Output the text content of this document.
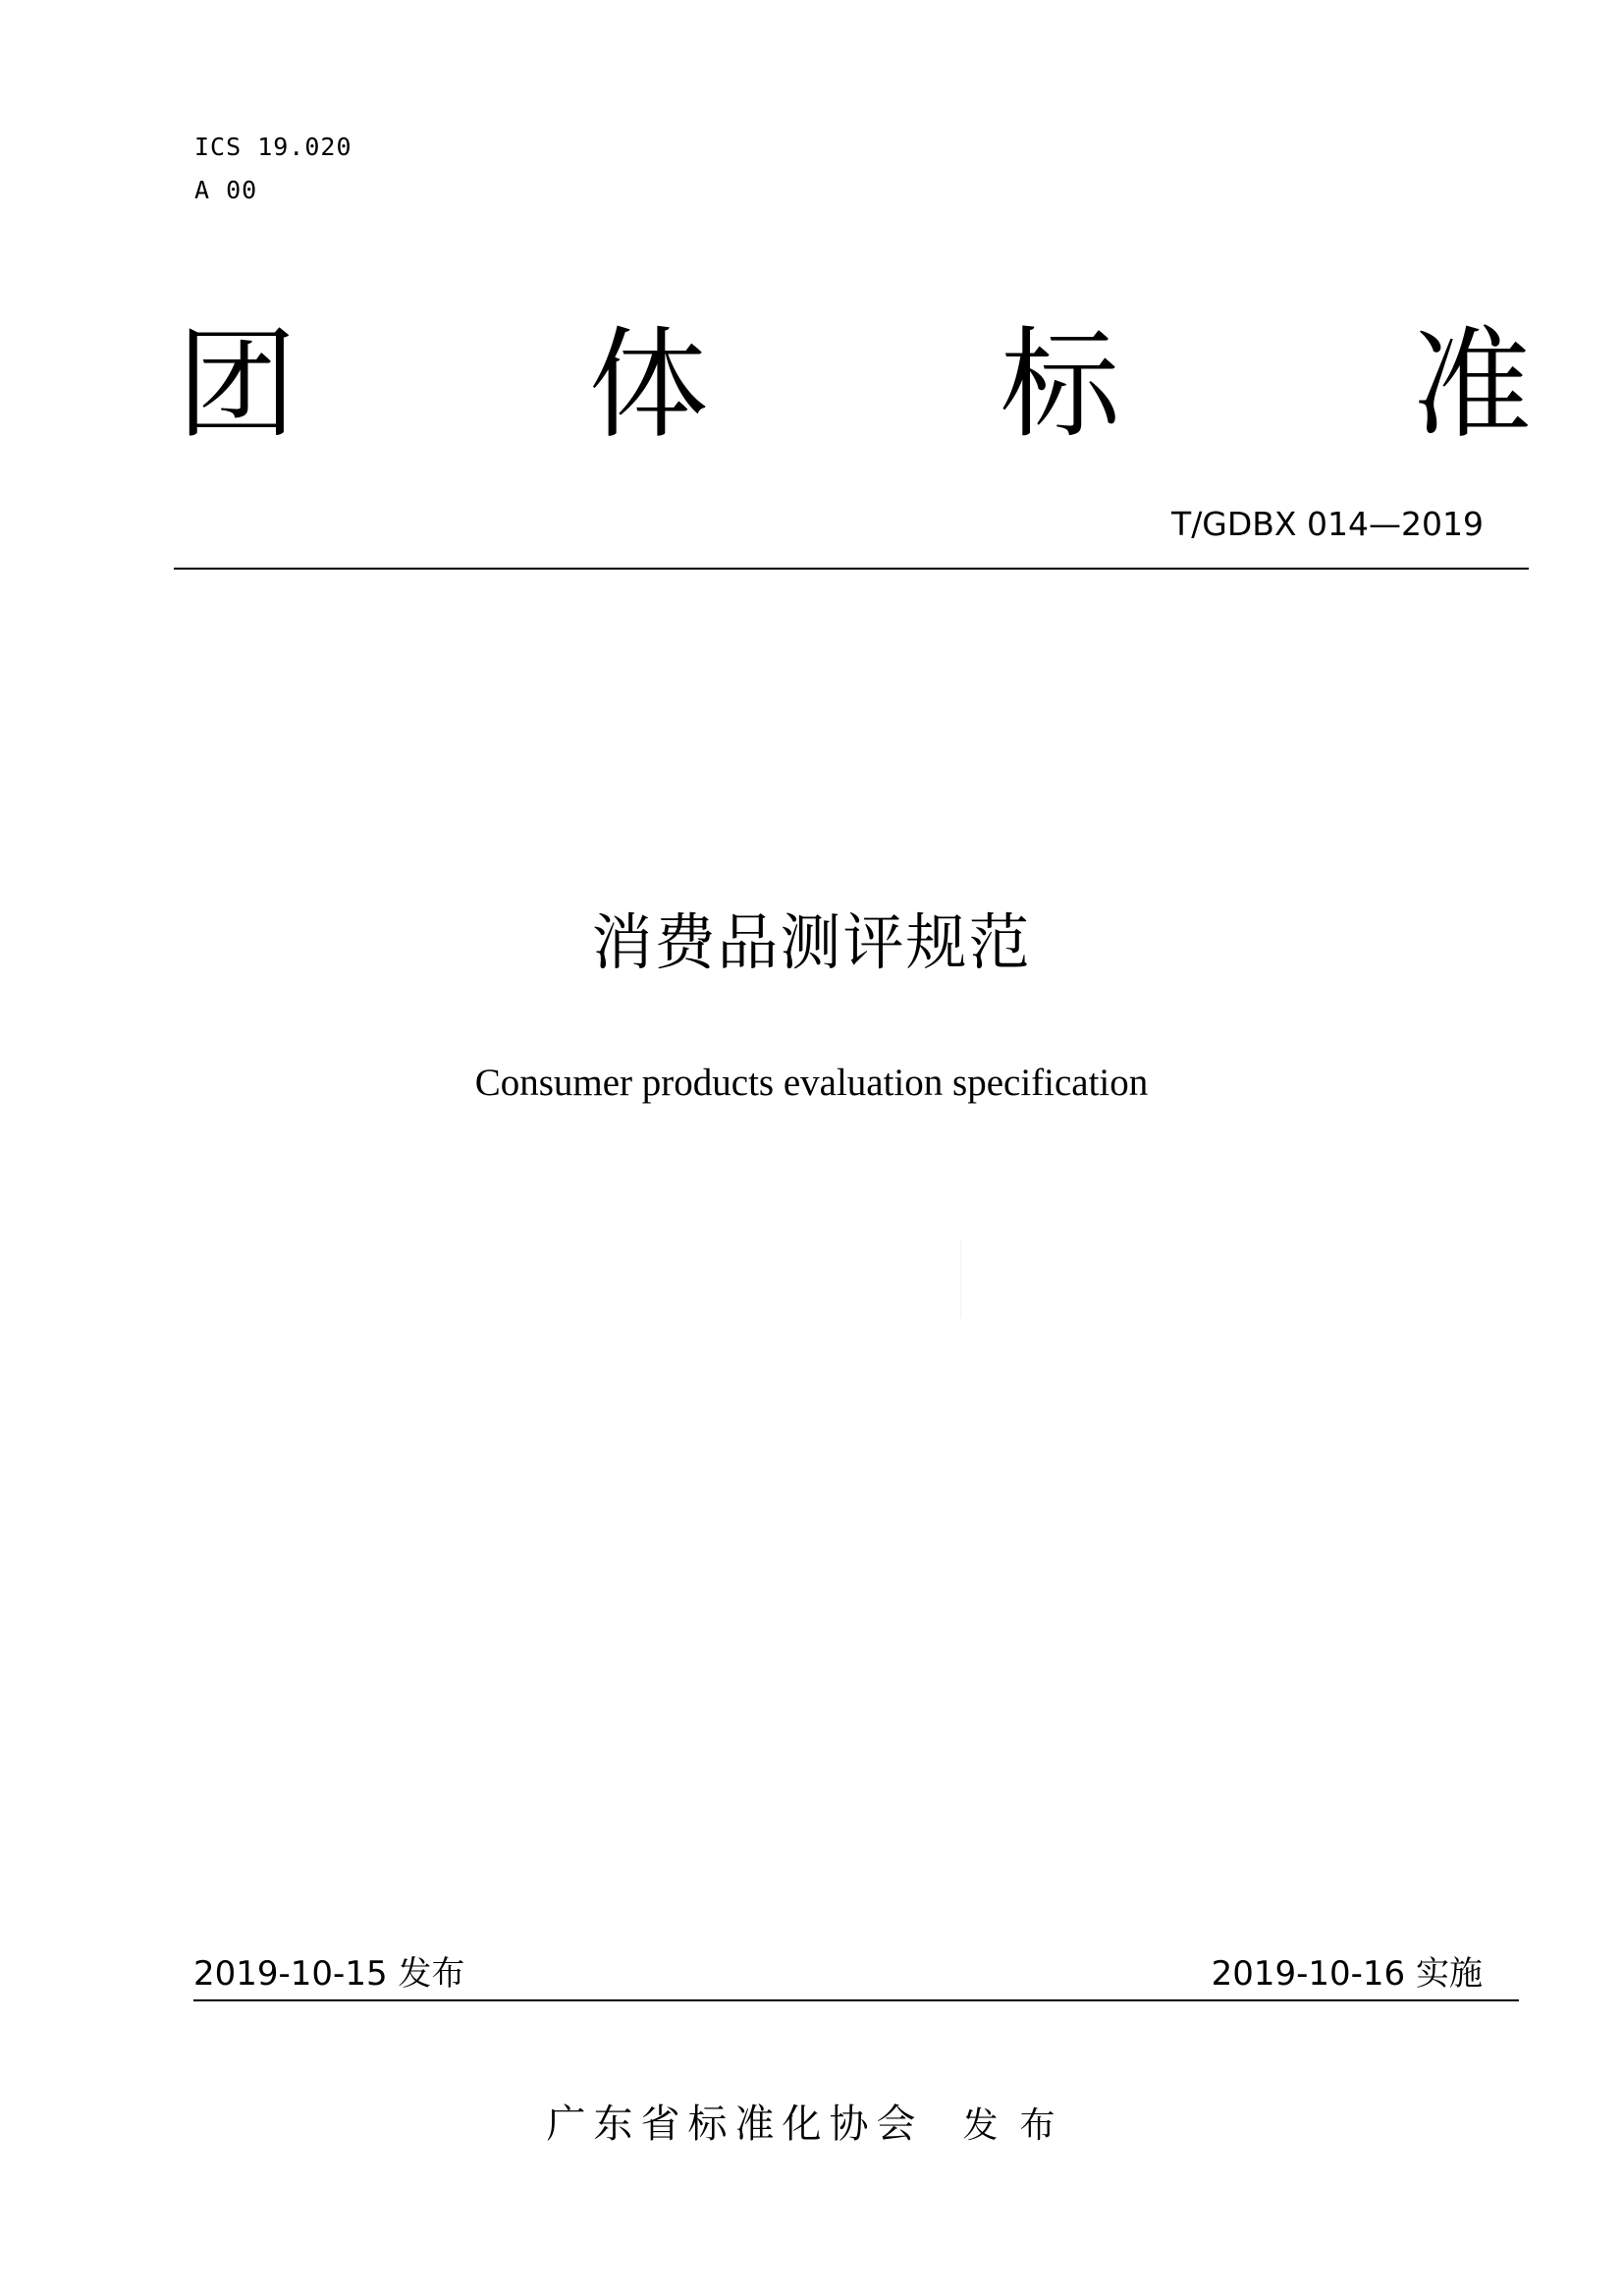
ICS 19.020
A 00
团 体 标 准
T/GDBX 014—2019
消费品测评规范
Consumer products evaluation specification
2019-10-15 发布	2019-10-16 实施
广东省标准化协会 发布
